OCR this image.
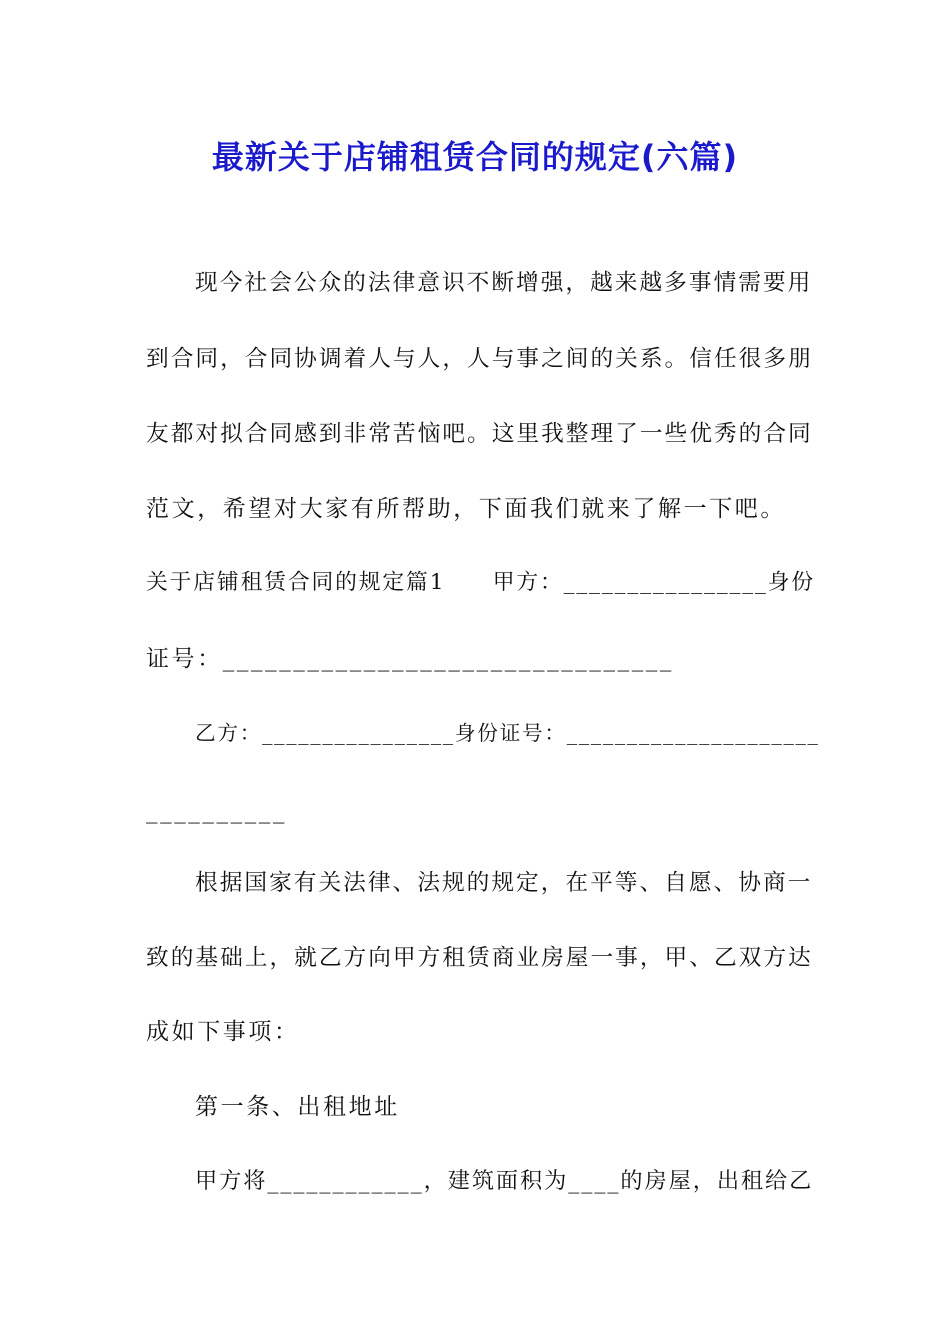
最新关于店铺租赁合同的规定(六篇)
现今社会公众的法律意识不断增强，越来越多事情需要用
到合同，合同协调着人与人，人与事之间的关系。信任很多朋
友都对拟合同感到非常苦恼吧。这里我整理了一些优秀的合同
范文，希望对大家有所帮助，下面我们就来了解一下吧。
关于店铺租赁合同的规定篇1　　甲方：________________身份
证号：________________________________
乙方：________________身份证号：_____________________
__________
根据国家有关法律、法规的规定，在平等、自愿、协商一
致的基础上，就乙方向甲方租赁商业房屋一事，甲、乙双方达
成如下事项：
第一条、出租地址
甲方将____________，建筑面积为____的房屋，出租给乙
